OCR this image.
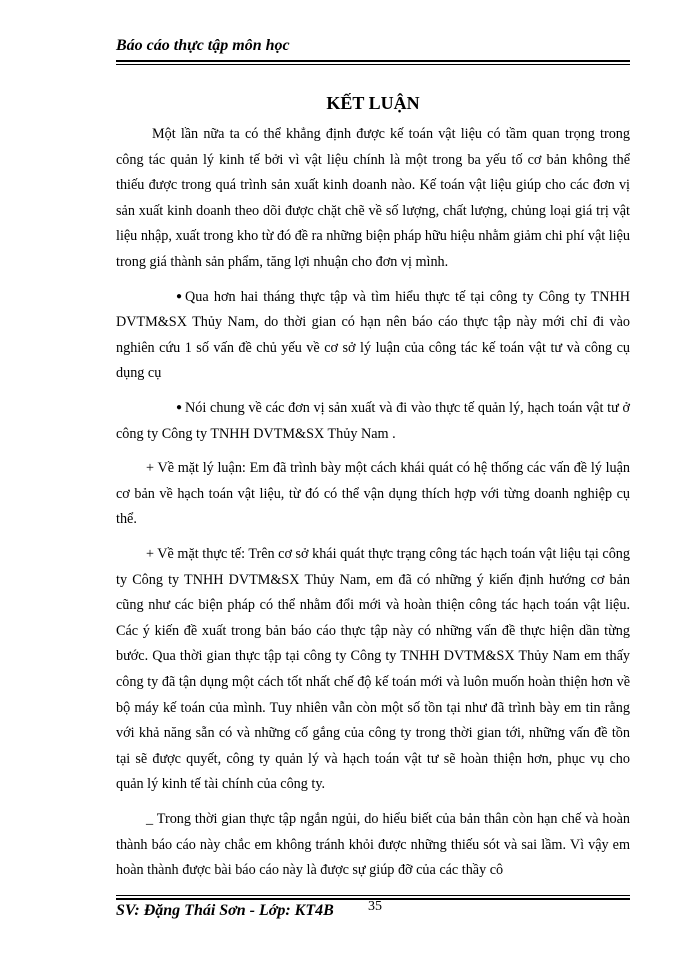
Báo cáo thực tập môn học
KẾT LUẬN

Một lần nữa ta có thể khẳng định được kế toán vật liệu có tầm quan trọng trong công tác quản lý kinh tế bởi vì vật liệu chính là một trong ba yếu tố cơ bản không thể thiếu được trong quá trình sản xuất kinh doanh nào. Kế toán vật liệu giúp cho các đơn vị sản xuất kinh doanh theo dõi được chặt chẽ về số lượng, chất lượng, chủng loại giá trị vật liệu nhập, xuất trong kho từ đó đề ra những biện pháp hữu hiệu nhằm giảm chi phí vật liệu trong giá thành sản phẩm, tăng lợi nhuận cho đơn vị mình.

● Qua hơn hai tháng thực tập và tìm hiểu thực tế tại công ty Công ty TNHH DVTM&SX Thủy Nam, do thời gian có hạn nên báo cáo thực tập này mới chỉ đi vào nghiên cứu 1 số vấn đề chủ yếu về cơ sở lý luận của công tác kế toán vật tư và công cụ dụng cụ

● Nói chung về các đơn vị sản xuất và đi vào thực tế quản lý, hạch toán vật tư ở công ty Công ty TNHH DVTM&SX Thủy Nam .

+ Về mặt lý luận: Em đã trình bày một cách khái quát có hệ thống các vấn đề lý luận cơ bản về hạch toán vật liệu, từ đó có thể vận dụng thích hợp với từng doanh nghiệp cụ thể.

+ Về mặt thực tế: Trên cơ sở khái quát thực trạng công tác hạch toán vật liệu tại công ty Công ty TNHH DVTM&SX Thủy Nam, em đã có những ý kiến định hướng cơ bản cũng như các biện pháp có thể nhằm đổi mới và hoàn thiện công tác hạch toán vật liệu. Các ý kiến đề xuất trong bản báo cáo thực tập này có những vấn đề thực hiện dần từng bước. Qua thời gian thực tập tại công ty Công ty TNHH DVTM&SX Thủy Nam em thấy công ty đã tận dụng một cách tốt nhất chế độ kế toán mới và luôn muốn hoàn thiện hơn về bộ máy kế toán của mình. Tuy nhiên vẫn còn một số tồn tại như đã trình bày em tin rằng với khả năng sẵn có và những cố gắng của công ty trong thời gian tới, những vấn đề tồn tại sẽ được quyết, công ty quản lý và hạch toán vật tư sẽ hoàn thiện hơn, phục vụ cho quản lý kinh tế tài chính của công ty.

_ Trong thời gian thực tập ngắn ngủi, do hiểu biết của bản thân còn hạn chế và hoàn thành báo cáo này chắc em không tránh khỏi được những thiếu sót và sai lầm. Vì vậy em hoàn thành được bài báo cáo này là được sự giúp đỡ của các thầy cô

SV: Đặng Thái Sơn - Lớp: KT4B 35
